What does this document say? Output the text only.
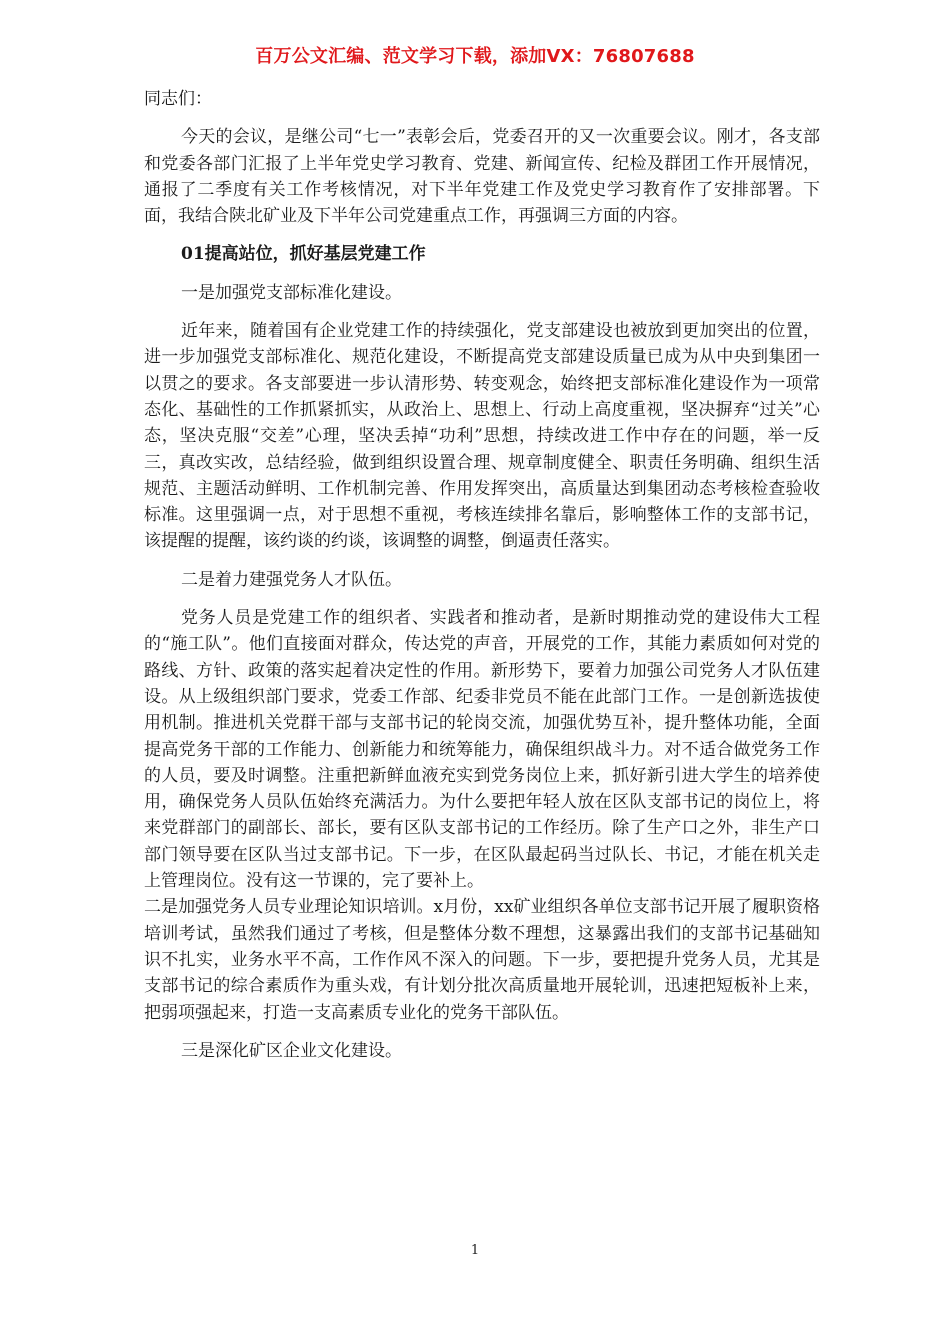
百万公文汇编、范文学习下载，添加VX：76807688

同志们：

今天的会议，是继公司“七一”表彰会后，党委召开的又一次重要会议。刚才，各支部和党委各部门汇报了上半年党史学习教育、党建、新闻宣传、纪检及群团工作开展情况，通报了二季度有关工作考核情况，对下半年党建工作及党史学习教育作了安排部署。下面，我结合陕北矿业及下半年公司党建重点工作，再强调三方面的内容。

01提高站位，抓好基层党建工作

一是加强党支部标准化建设。

近年来，随着国有企业党建工作的持续强化，党支部建设也被放到更加突出的位置，进一步加强党支部标准化、规范化建设，不断提高党支部建设质量已成为从中央到集团一以贯之的要求。各支部要进一步认清形势、转变观念，始终把支部标准化建设作为一项常态化、基础性的工作抓紧抓实，从政治上、思想上、行动上高度重视，坚决摒弃“过关”心态，坚决克服“交差”心理，坚决丢掉“功利”思想，持续改进工作中存在的问题，举一反三，真改实改，总结经验，做到组织设置合理、规章制度健全、职责任务明确、组织生活规范、主题活动鲜明、工作机制完善、作用发挥突出，高质量达到集团动态考核检查验收标准。这里强调一点，对于思想不重视，考核连续排名靠后，影响整体工作的支部书记，该提醒的提醒，该约谈的约谈，该调整的调整，倒逼责任落实。

二是着力建强党务人才队伍。

党务人员是党建工作的组织者、实践者和推动者，是新时期推动党的建设伟大工程的“施工队”。他们直接面对群众，传达党的声音，开展党的工作，其能力素质如何对党的路线、方针、政策的落实起着决定性的作用。新形势下，要着力加强公司党务人才队伍建设。从上级组织部门要求，党委工作部、纪委非党员不能在此部门工作。一是创新选拔使用机制。推进机关党群干部与支部书记的轮岗交流，加强优势互补，提升整体功能，全面提高党务干部的工作能力、创新能力和统筹能力，确保组织战斗力。对不适合做党务工作的人员，要及时调整。注重把新鲜血液充实到党务岗位上来，抓好新引进大学生的培养使用，确保党务人员队伍始终充满活力。为什么要把年轻人放在区队支部书记的岗位上，将来党群部门的副部长、部长，要有区队支部书记的工作经历。除了生产口之外，非生产口部门领导要在区队当过支部书记。下一步，在区队最起码当过队长、书记，才能在机关走上管理岗位。没有这一节课的，完了要补上。

二是加强党务人员专业理论知识培训。x月份，xx矿业组织各单位支部书记开展了履职资格培训考试，虽然我们通过了考核，但是整体分数不理想，这暴露出我们的支部书记基础知识不扎实，业务水平不高，工作作风不深入的问题。下一步，要把提升党务人员，尤其是支部书记的综合素质作为重头戏，有计划分批次高质量地开展轮训，迅速把短板补上来，把弱项强起来，打造一支高素质专业化的党务干部队伍。

三是深化矿区企业文化建设。

1
